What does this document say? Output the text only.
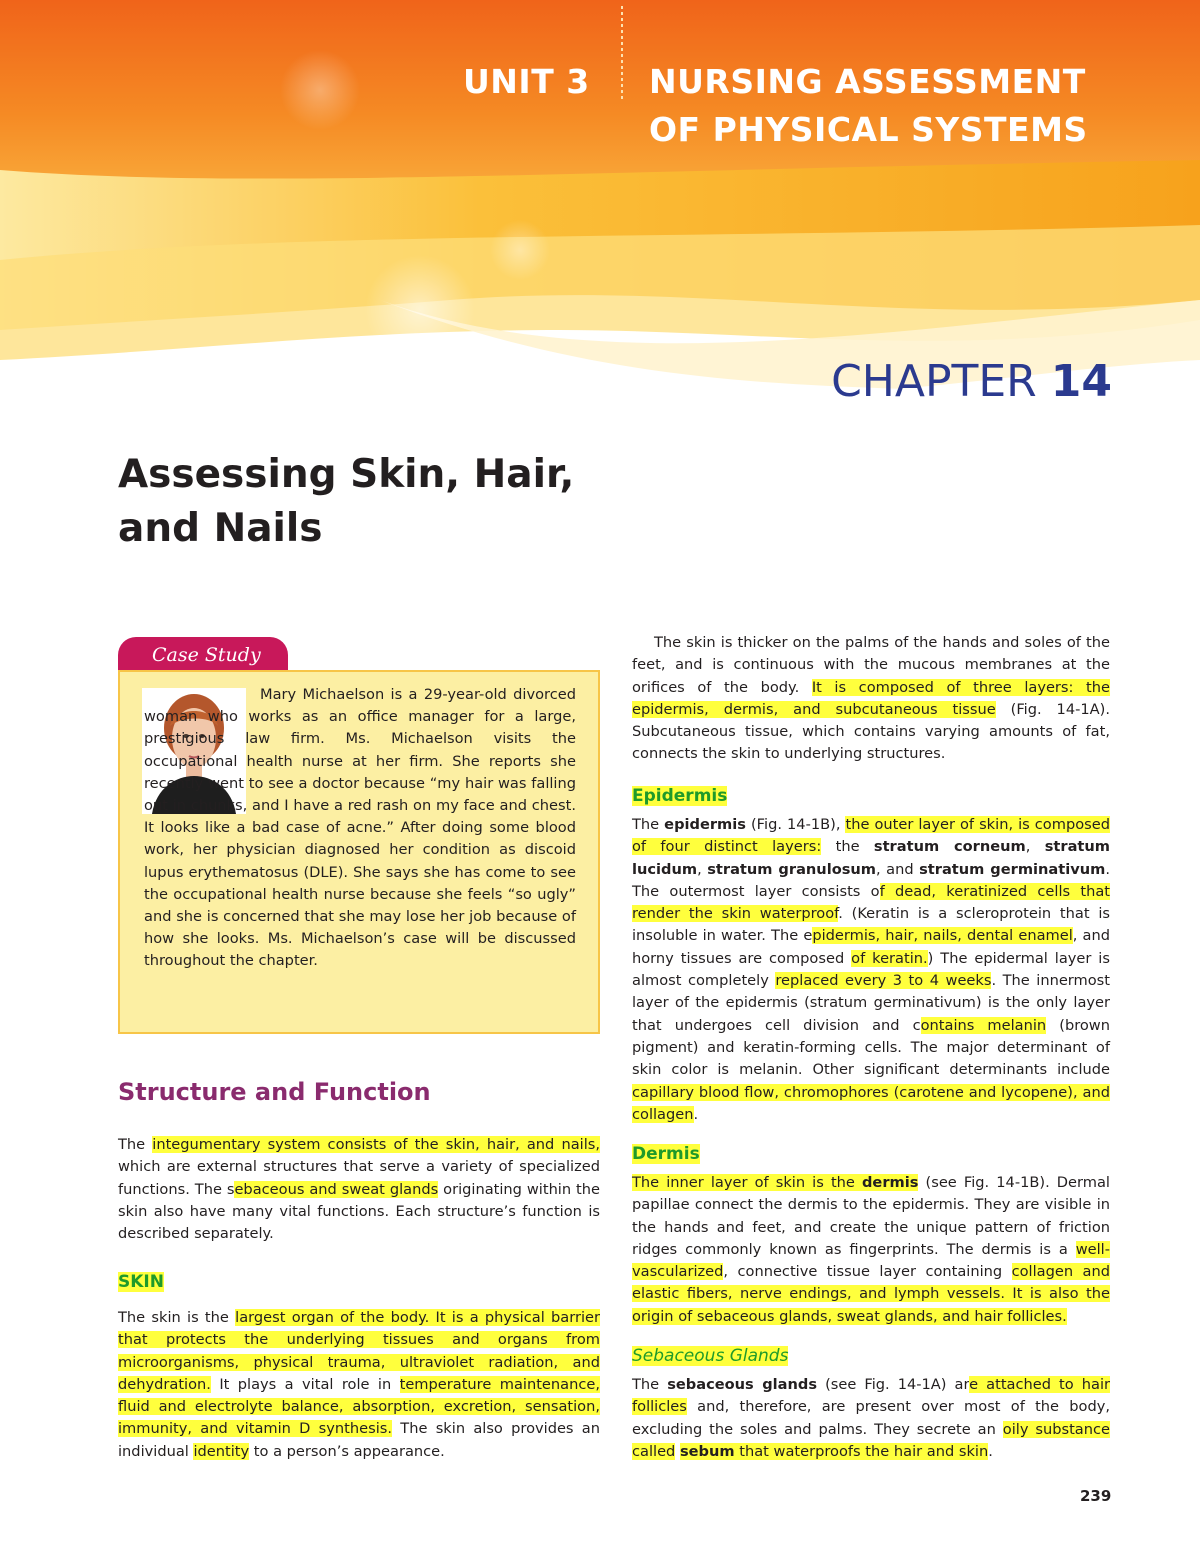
UNIT 3 NURSING ASSESSMENT
OF PHYSICAL SYSTEMS
CHAPTER 14
Assessing Skin, Hair,
and Nails
Case Study
Mary Michaelson is a 29-year-old divorced woman who works as an office manager for a large, prestigious law firm. Ms. Michaelson visits the occupational health nurse at her firm. She reports she recently went to see a doctor because “my hair was falling out in chunks, and I have a red rash on my face and chest. It looks like a bad case of acne.” After doing some blood work, her physician diagnosed her condition as discoid lupus erythematosus (DLE). She says she has come to see the occupational health nurse because she feels “so ugly” and she is concerned that she may lose her job because of how she looks. Ms. Michaelson’s case will be discussed throughout the chapter.
Structure and Function
The integumentary system consists of the skin, hair, and nails, which are external structures that serve a variety of specialized functions. The sebaceous and sweat glands originating within the skin also have many vital functions. Each structure’s function is described separately.
SKIN
The skin is the largest organ of the body. It is a physical barrier that protects the underlying tissues and organs from microorganisms, physical trauma, ultraviolet radiation, and dehydration. It plays a vital role in temperature maintenance, fluid and electrolyte balance, absorption, excretion, sensation, immunity, and vitamin D synthesis. The skin also provides an individual identity to a person’s appearance.
The skin is thicker on the palms of the hands and soles of the feet, and is continuous with the mucous membranes at the orifices of the body. It is composed of three layers: the epidermis, dermis, and subcutaneous tissue (Fig. 14-1A). Subcutaneous tissue, which contains varying amounts of fat, connects the skin to underlying structures.
Epidermis
The epidermis (Fig. 14-1B), the outer layer of skin, is composed of four distinct layers: the stratum corneum, stratum lucidum, stratum granulosum, and stratum germinativum. The outermost layer consists of dead, keratinized cells that render the skin waterproof. (Keratin is a scleroprotein that is insoluble in water. The epidermis, hair, nails, dental enamel, and horny tissues are composed of keratin.) The epidermal layer is almost completely replaced every 3 to 4 weeks. The innermost layer of the epidermis (stratum germinativum) is the only layer that undergoes cell division and contains melanin (brown pigment) and keratin-forming cells. The major determinant of skin color is melanin. Other significant determinants include capillary blood flow, chromophores (carotene and lycopene), and collagen.
Dermis
The inner layer of skin is the dermis (see Fig. 14-1B). Dermal papillae connect the dermis to the epidermis. They are visible in the hands and feet, and create the unique pattern of friction ridges commonly known as fingerprints. The dermis is a well-vascularized, connective tissue layer containing collagen and elastic fibers, nerve endings, and lymph vessels. It is also the origin of sebaceous glands, sweat glands, and hair follicles.
Sebaceous Glands
The sebaceous glands (see Fig. 14-1A) are attached to hair follicles and, therefore, are present over most of the body, excluding the soles and palms. They secrete an oily substance called sebum that waterproofs the hair and skin.
239
